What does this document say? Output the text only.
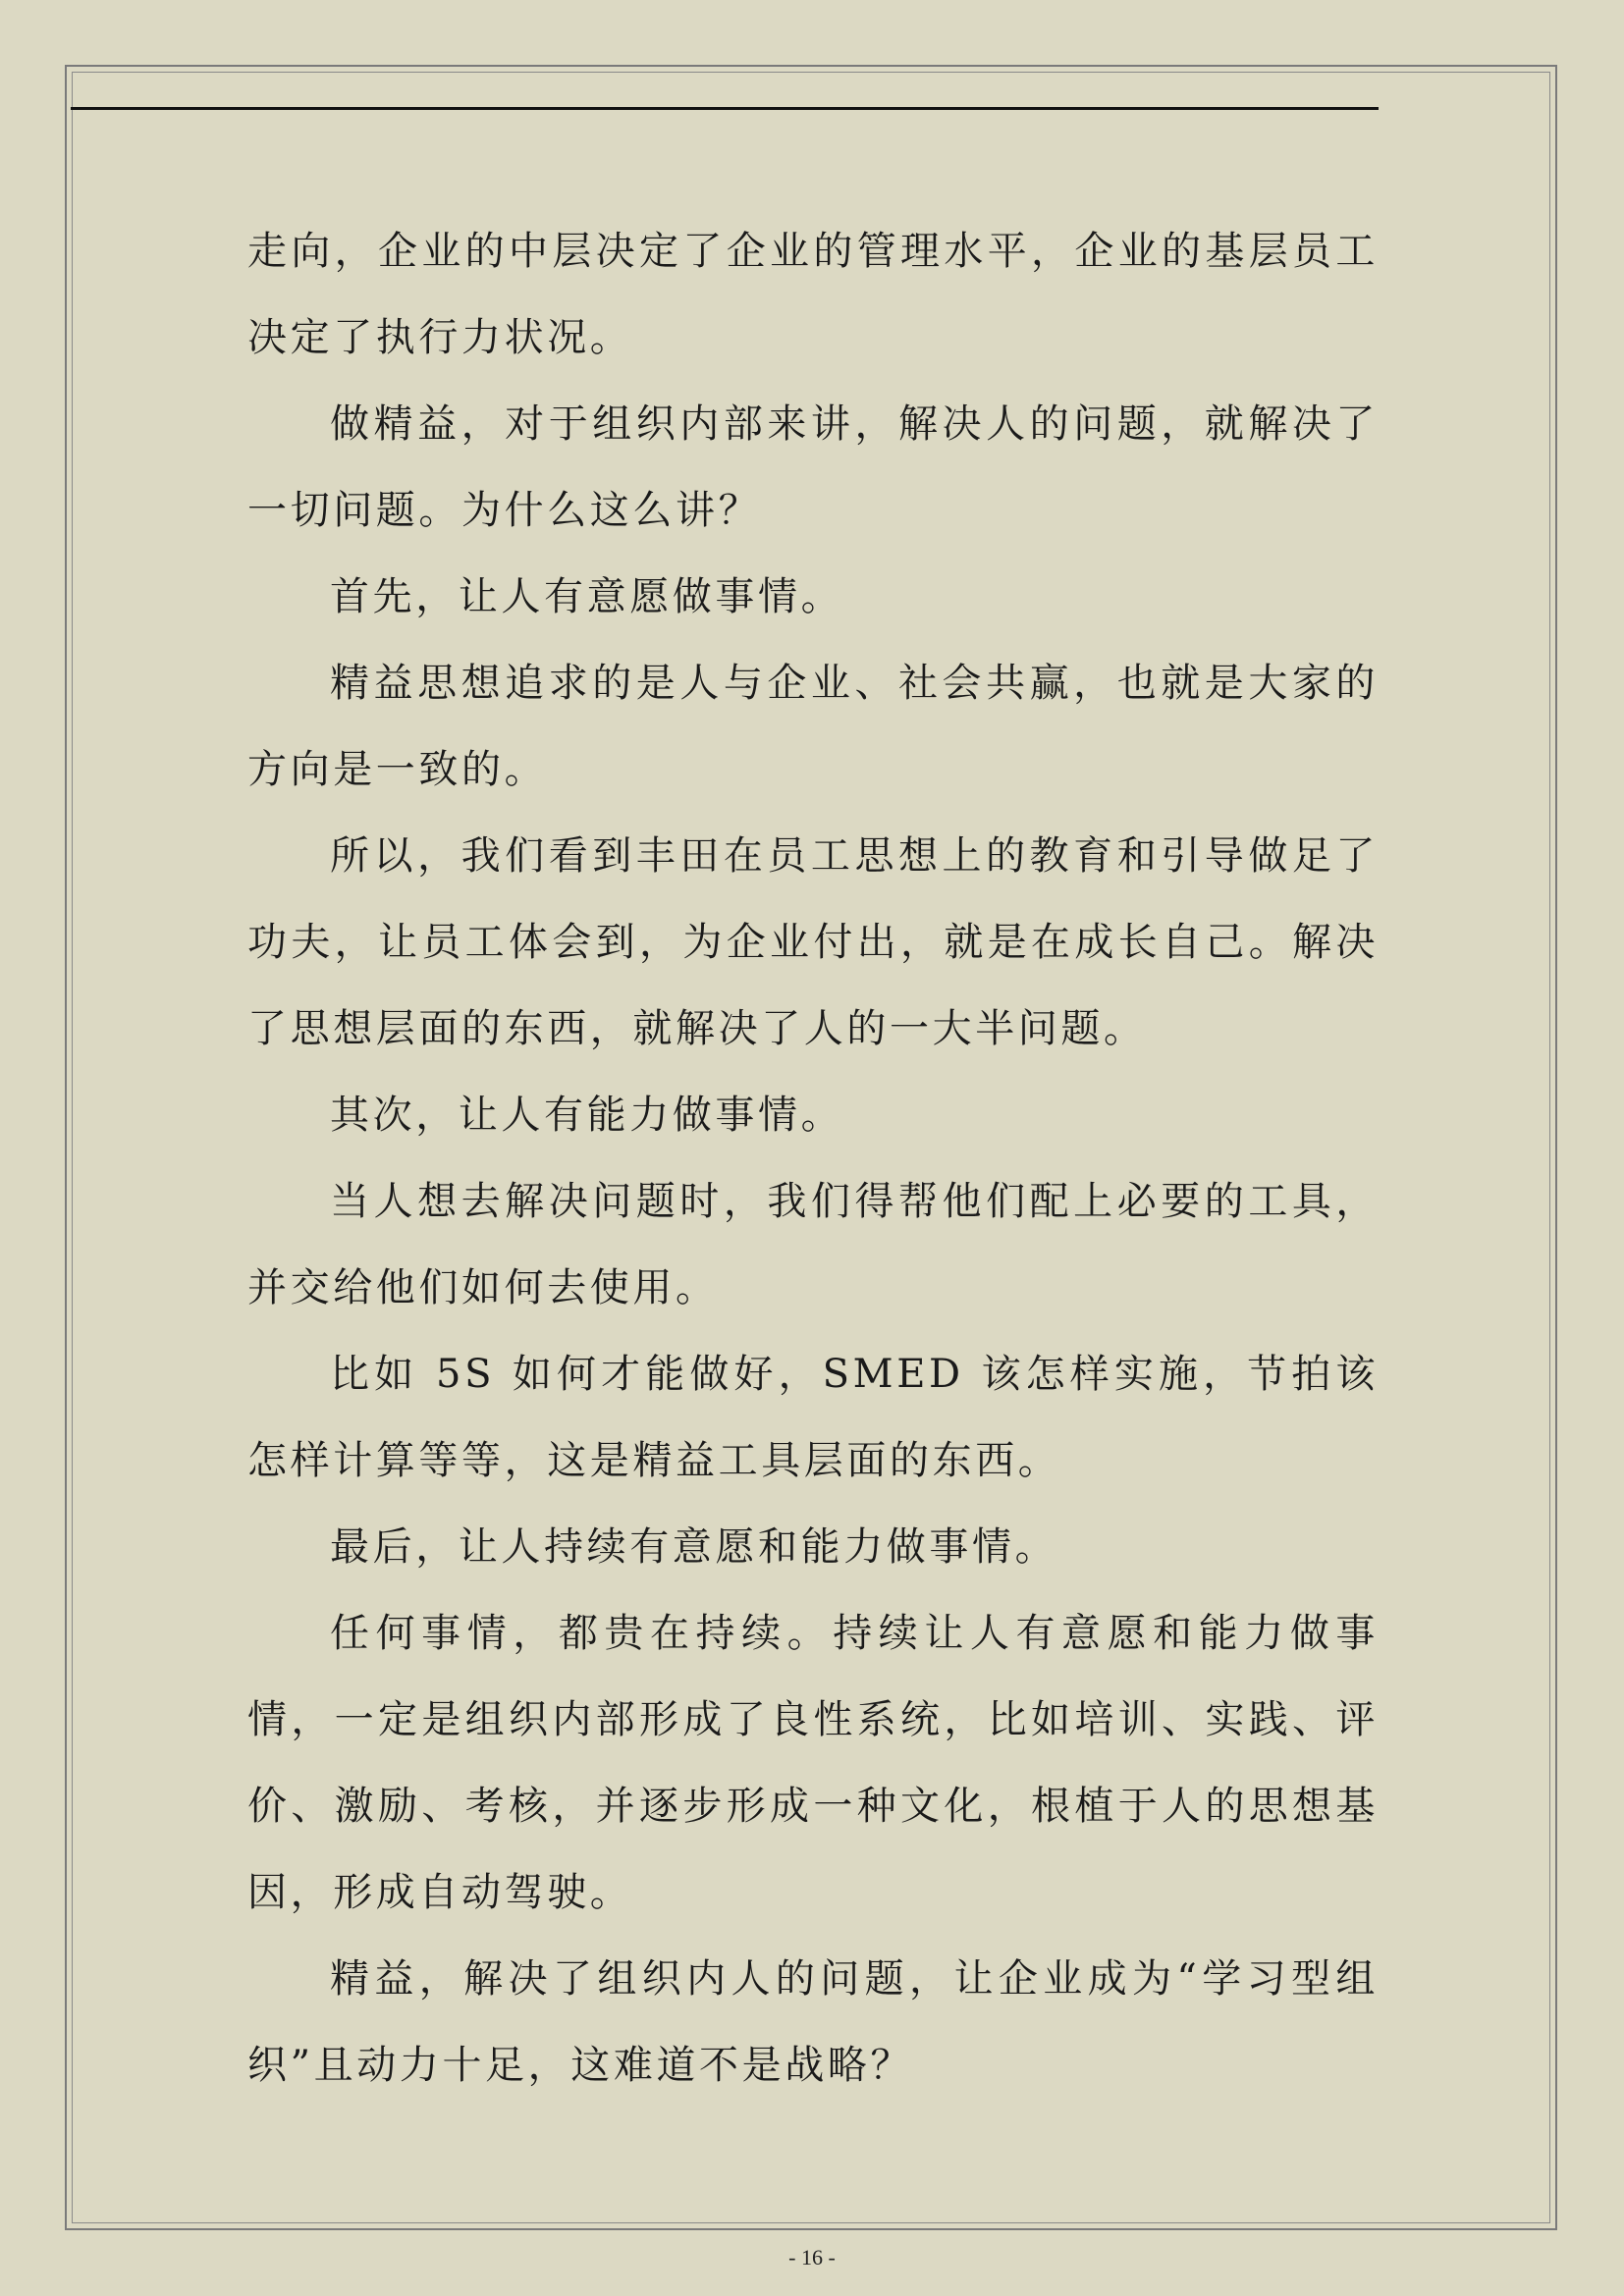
走向，企业的中层决定了企业的管理水平，企业的基层员工决定了执行力状况。

做精益，对于组织内部来讲，解决人的问题，就解决了一切问题。为什么这么讲？

首先，让人有意愿做事情。

精益思想追求的是人与企业、社会共赢，也就是大家的方向是一致的。

所以，我们看到丰田在员工思想上的教育和引导做足了功夫，让员工体会到，为企业付出，就是在成长自己。解决了思想层面的东西，就解决了人的一大半问题。

其次，让人有能力做事情。

当人想去解决问题时，我们得帮他们配上必要的工具，并交给他们如何去使用。

比如 5S 如何才能做好，SMED 该怎样实施，节拍该怎样计算等等，这是精益工具层面的东西。

最后，让人持续有意愿和能力做事情。

任何事情，都贵在持续。持续让人有意愿和能力做事情，一定是组织内部形成了良性系统，比如培训、实践、评价、激励、考核，并逐步形成一种文化，根植于人的思想基因，形成自动驾驶。

精益，解决了组织内人的问题，让企业成为“学习型组织”且动力十足，这难道不是战略？

- 16 -
